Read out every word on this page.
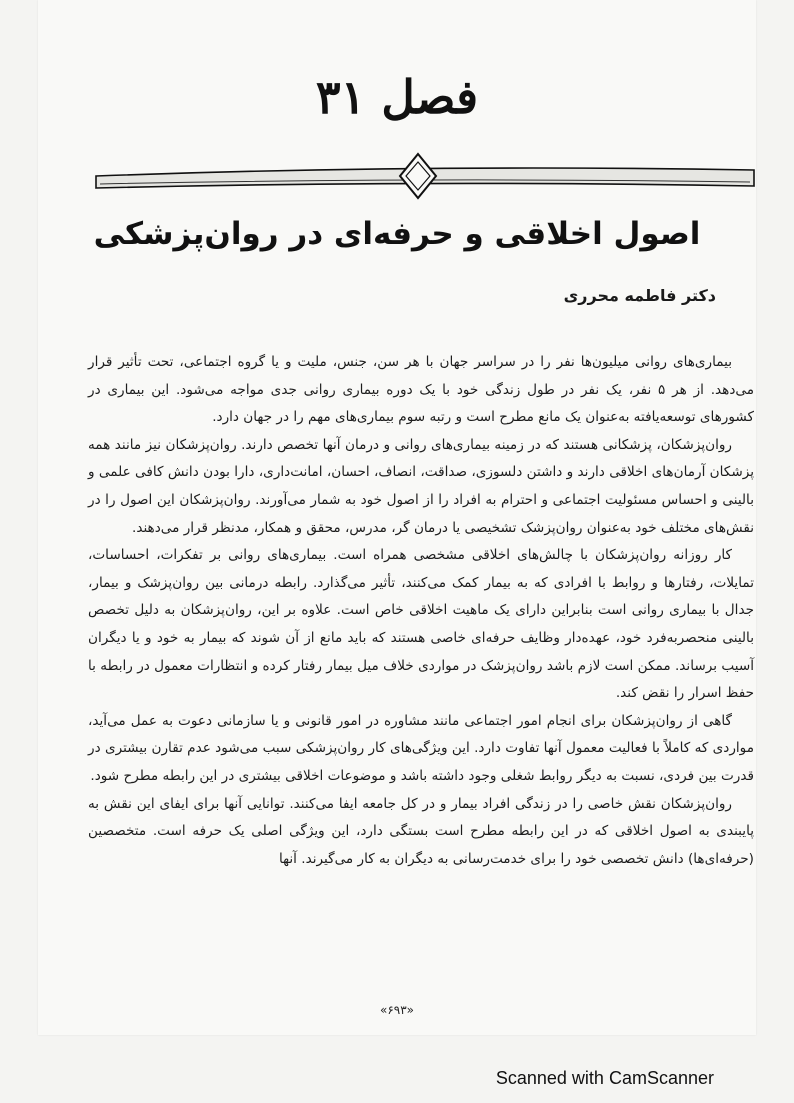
فصل ۳۱
اصول اخلاقی و حرفه‌ای در روان‌پزشکی
دکتر فاطمه محرری

بیماری‌های روانی میلیون‌ها نفر را در سراسر جهان با هر سن، جنس، ملیت و یا گروه اجتماعی، تحت تأثیر قرار می‌دهد. از هر ۵ نفر، یک نفر در طول زندگی خود با یک دوره بیماری روانی جدی مواجه می‌شود. این بیماری در کشورهای توسعه‌یافته به‌عنوان یک مانع مطرح است و رتبه سوم بیماری‌های مهم را در جهان دارد.

روان‌پزشکان، پزشکانی هستند که در زمینه بیماری‌های روانی و درمان آنها تخصص دارند. روان‌پزشکان نیز مانند همه پزشکان آرمان‌های اخلاقی دارند و داشتن دلسوزی، صداقت، انصاف، احسان، امانت‌داری، دارا بودن دانش کافی علمی و بالینی و احساس مسئولیت اجتماعی و احترام به افراد را از اصول خود به شمار می‌آورند. روان‌پزشکان این اصول را در نقش‌های مختلف خود به‌عنوان روان‌پزشک تشخیصی یا درمان گر، مدرس، محقق و همکار، مدنظر قرار می‌دهند.

کار روزانه روان‌پزشکان با چالش‌های اخلاقی مشخصی همراه است. بیماری‌های روانی بر تفکرات، احساسات، تمایلات، رفتارها و روابط با افرادی که به بیمار کمک می‌کنند، تأثیر می‌گذارد. رابطه درمانی بین روان‌پزشک و بیمار، جدال با بیماری روانی است بنابراین دارای یک ماهیت اخلاقی خاص است. علاوه بر این، روان‌پزشکان به دلیل تخصص بالینی منحصربه‌فرد خود، عهده‌دار وظایف حرفه‌ای خاصی هستند که باید مانع از آن شوند که بیمار به خود و یا دیگران آسیب برساند. ممکن است لازم باشد روان‌پزشک در مواردی خلاف میل بیمار رفتار کرده و انتظارات معمول در رابطه با حفظ اسرار را نقض کند.

گاهی از روان‌پزشکان برای انجام امور اجتماعی مانند مشاوره در امور قانونی و یا سازمانی دعوت به عمل می‌آید، مواردی که کاملاً با فعالیت معمول آنها تفاوت دارد. این ویژگی‌های کار روان‌پزشکی سبب می‌شود عدم تقارن بیشتری در قدرت بین فردی، نسبت به دیگر روابط شغلی وجود داشته باشد و موضوعات اخلاقی بیشتری در این رابطه مطرح شود.

روان‌پزشکان نقش خاصی را در زندگی افراد بیمار و در کل جامعه ایفا می‌کنند. توانایی آنها برای ایفای این نقش به پایبندی به اصول اخلاقی که در این رابطه مطرح است بستگی دارد، این ویژگی اصلی یک حرفه است. متخصصین (حرفه‌ای‌ها) دانش تخصصی خود را برای خدمت‌رسانی به دیگران به کار می‌گیرند. آنها

«۶۹۳»
Scanned with CamScanner
